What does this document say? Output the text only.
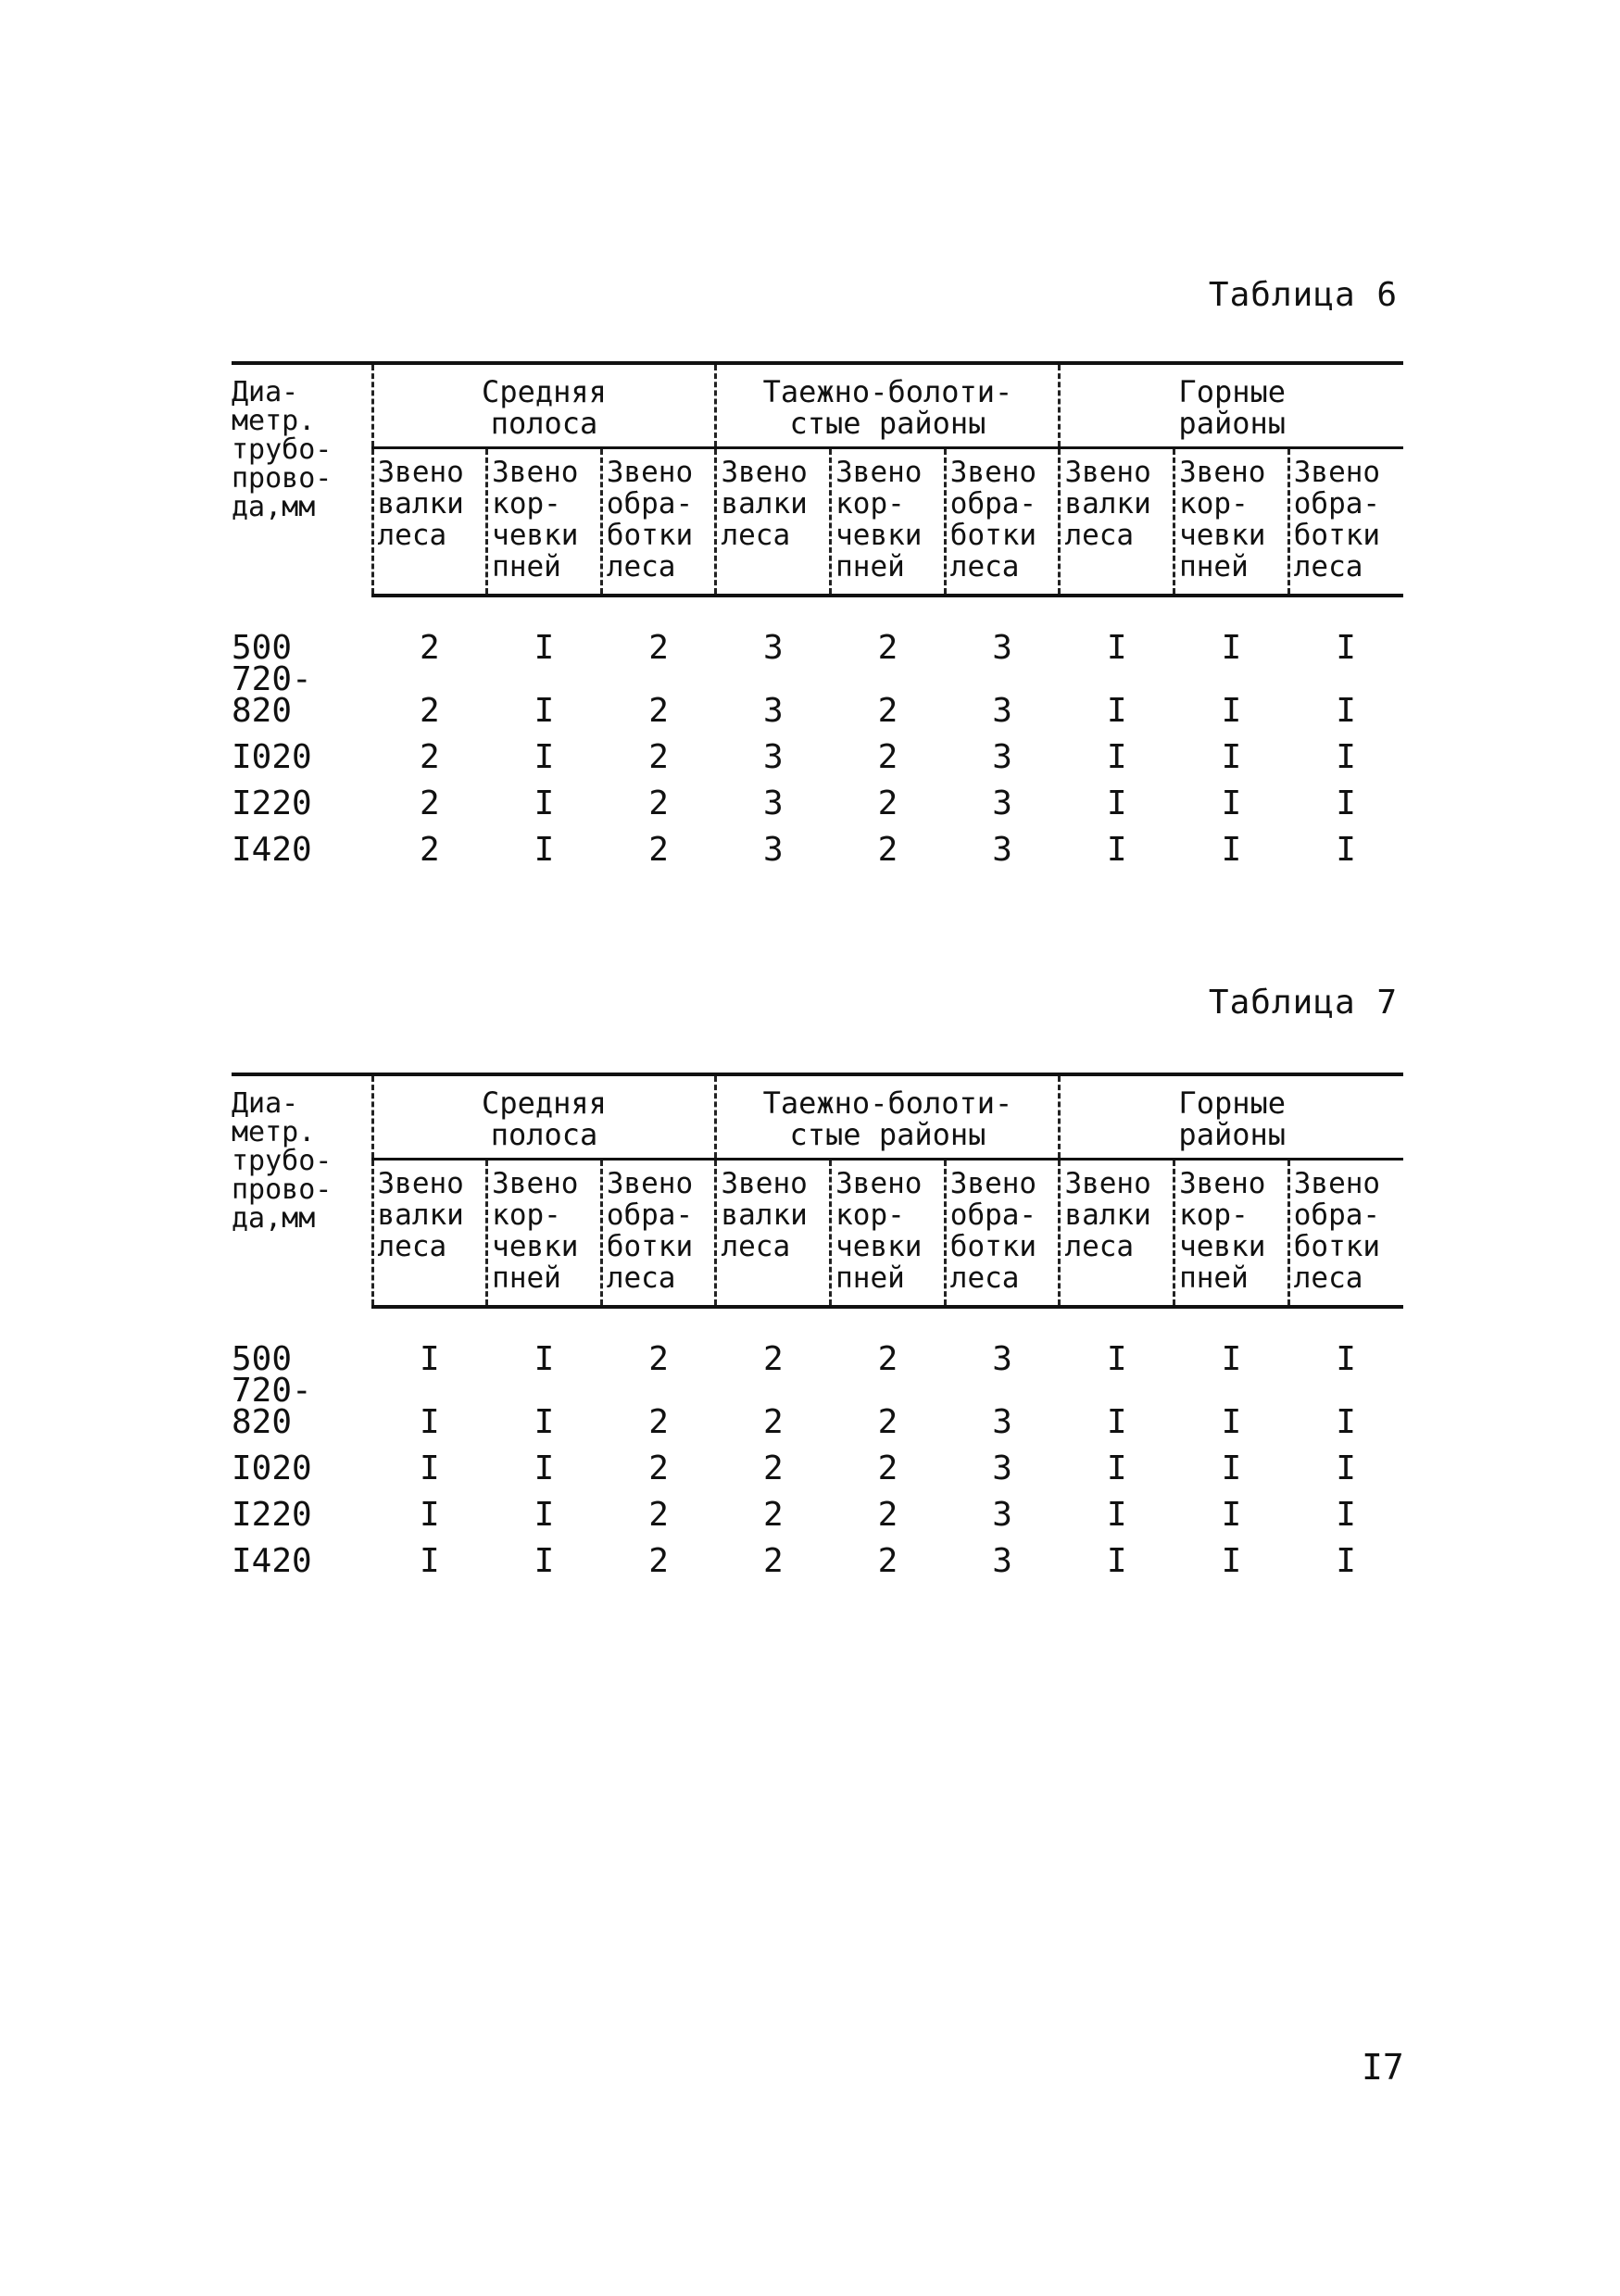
Таблица 6
Диа-
метр.
трубо-
прово-
да,мм	Средняя
полоса			Таежно-болоти-
стые районы			Горные
районы		
	Звено
валки
леса	Звено
кор-
чевки
пней	Звено
обра-
ботки
леса	Звено
валки
леса	Звено
кор-
чевки
пней	Звено
обра-
ботки
леса	Звено
валки
леса	Звено
кор-
чевки
пней	Звено
обра-
ботки
леса
500	2	I	2	3	2	3	I	I	I
720-
820	2	I	2	3	2	3	I	I	I
I020	2	I	2	3	2	3	I	I	I
I220	2	I	2	3	2	3	I	I	I
I420	2	I	2	3	2	3	I	I	I
Таблица 7
Диа-
метр.
трубо-
прово-
да,мм	Средняя
полоса			Таежно-болоти-
стые районы			Горные
районы		
	Звено
валки
леса	Звено
кор-
чевки
пней	Звено
обра-
ботки
леса	Звено
валки
леса	Звено
кор-
чевки
пней	Звено
обра-
ботки
леса	Звено
валки
леса	Звено
кор-
чевки
пней	Звено
обра-
ботки
леса
500	I	I	2	2	2	3	I	I	I
720-
820	I	I	2	2	2	3	I	I	I
I020	I	I	2	2	2	3	I	I	I
I220	I	I	2	2	2	3	I	I	I
I420	I	I	2	2	2	3	I	I	I
I7
